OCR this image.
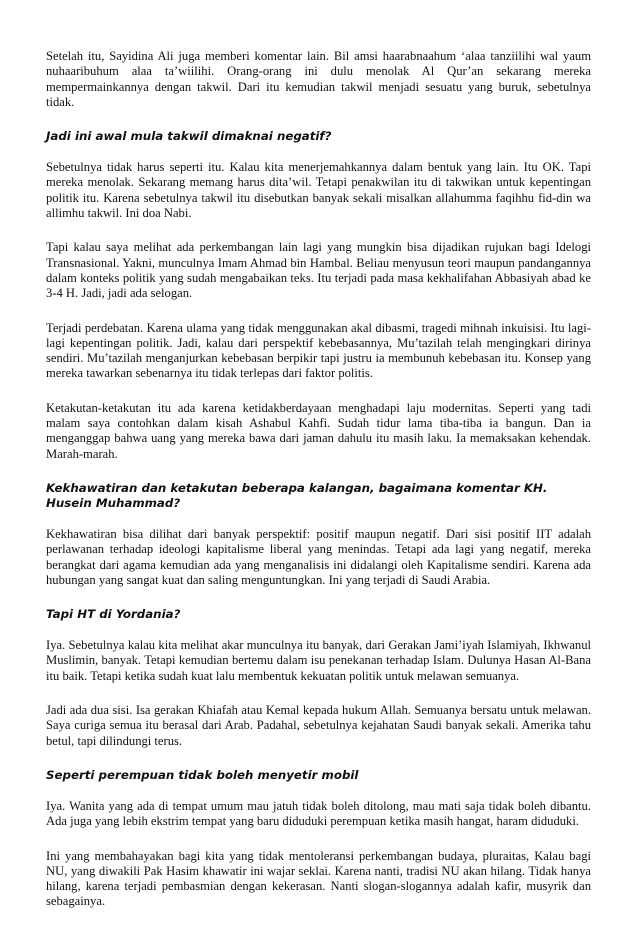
Setelah itu, Sayidina Ali juga memberi komentar lain. Bil amsi haarabnaahum ‘alaa tanziilihi wal yaum nuhaaribuhum alaa ta’wiilihi. Orang-orang ini dulu menolak Al Qur’an sekarang mereka mempermainkannya dengan takwil. Dari itu kemudian takwil menjadi sesuatu yang buruk, sebetulnya tidak.

Jadi ini awal mula takwil dimaknai negatif?

Sebetulnya tidak harus seperti itu. Kalau kita menerjemahkannya dalam bentuk yang lain. Itu OK. Tapi mereka menolak. Sekarang memang harus dita’wil. Tetapi penakwilan itu di takwikan untuk kepentingan politik itu. Karena sebetulnya takwil itu disebutkan banyak sekali misalkan allahumma faqihhu fid-din wa allimhu takwil. Ini doa Nabi.

Tapi kalau saya melihat ada perkembangan lain lagi yang mungkin bisa dijadikan rujukan bagi Idelogi Transnasional. Yakni, munculnya Imam Ahmad bin Hambal. Beliau menyusun teori maupun pandangannya dalam konteks politik yang sudah mengabaikan teks. Itu terjadi pada masa kekhalifahan Abbasiyah abad ke 3-4 H. Jadi, jadi ada selogan.

Terjadi perdebatan. Karena ulama yang tidak menggunakan akal dibasmi, tragedi mihnah inkuisisi. Itu lagi-lagi kepentingan politik. Jadi, kalau dari perspektif kebebasannya, Mu’tazilah telah mengingkari dirinya sendiri. Mu’tazilah menganjurkan kebebasan berpikir tapi justru ia membunuh kebebasan itu. Konsep yang mereka tawarkan sebenarnya itu tidak terlepas dari faktor politis.

Ketakutan-ketakutan itu ada karena ketidakberdayaan menghadapi laju modernitas. Seperti yang tadi malam saya contohkan dalam kisah Ashabul Kahfi. Sudah tidur lama tiba-tiba ia bangun. Dan ia menganggap bahwa uang yang mereka bawa dari jaman dahulu itu masih laku. Ia memaksakan kehendak. Marah-marah.

Kekhawatiran dan ketakutan beberapa kalangan, bagaimana komentar KH. Husein Muhammad?

Kekhawatiran bisa dilihat dari banyak perspektif: positif maupun negatif. Dari sisi positif IIT adalah perlawanan terhadap ideologi kapitalisme liberal yang menindas. Tetapi ada lagi yang negatif, mereka berangkat dari agama kemudian ada yang menganalisis ini didalangi oleh Kapitalisme sendiri. Karena ada hubungan yang sangat kuat dan saling menguntungkan. Ini yang terjadi di Saudi Arabia.

Tapi HT di Yordania?

Iya. Sebetulnya kalau kita melihat akar munculnya itu banyak, dari Gerakan Jami’iyah Islamiyah, Ikhwanul Muslimin, banyak. Tetapi kemudian bertemu dalam isu penekanan terhadap Islam. Dulunya Hasan Al-Bana itu baik. Tetapi ketika sudah kuat lalu membentuk kekuatan politik untuk melawan semuanya.

Jadi ada dua sisi. Isa gerakan Khiafah atau Kemal kepada hukum Allah. Semuanya bersatu untuk melawan. Saya curiga semua itu berasal dari Arab. Padahal, sebetulnya kejahatan Saudi banyak sekali. Amerika tahu betul, tapi dilindungi terus.

Seperti perempuan tidak boleh menyetir mobil

Iya. Wanita yang ada di tempat umum mau jatuh tidak boleh ditolong, mau mati saja tidak boleh dibantu. Ada juga yang lebih ekstrim tempat yang baru diduduki perempuan ketika masih hangat, haram diduduki.

Ini yang membahayakan bagi kita yang tidak mentoleransi perkembangan budaya, pluraitas, Kalau bagi NU, yang diwakili Pak Hasim khawatir ini wajar seklai. Karena nanti, tradisi NU akan hilang. Tidak hanya hilang, karena terjadi pembasmian dengan kekerasan. Nanti slogan-slogannya adalah kafir, musyrik dan sebagainya.
